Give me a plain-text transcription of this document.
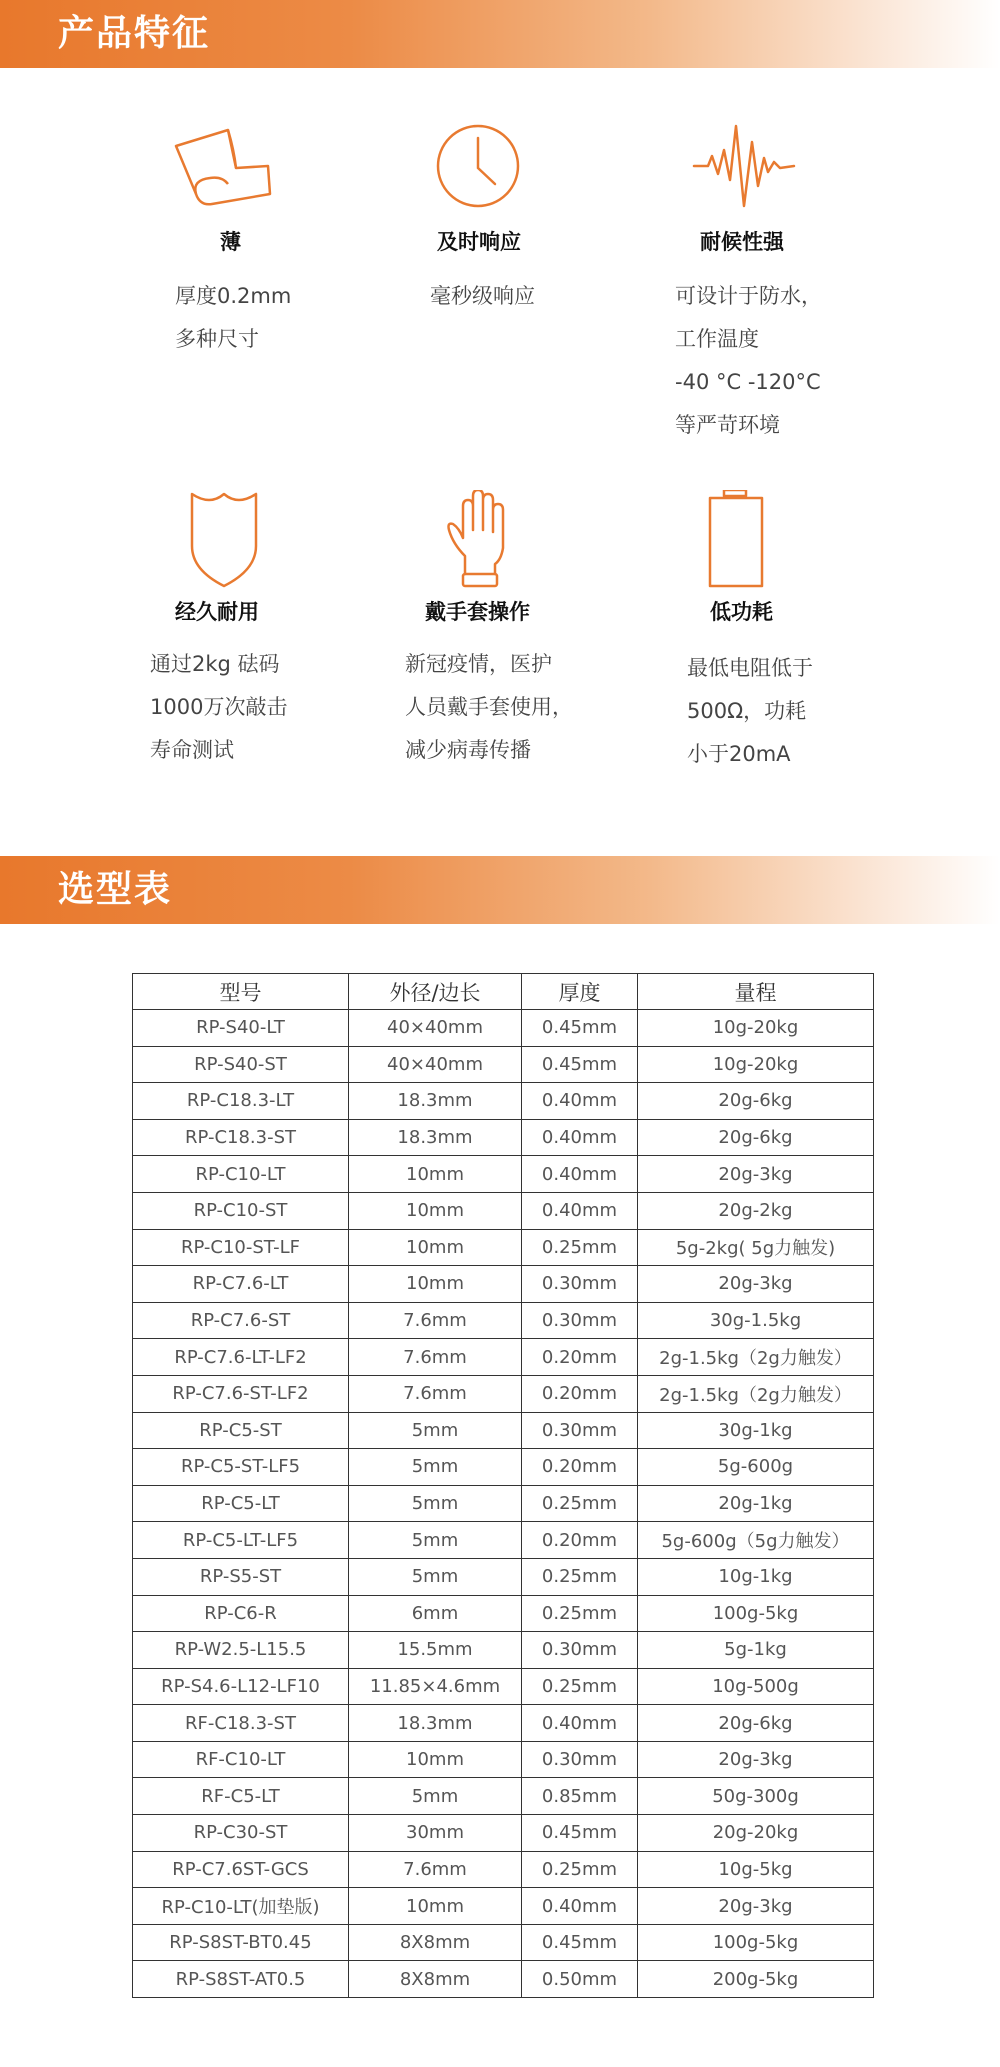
产品特征
薄
厚度0.2mm
多种尺寸
及时响应
毫秒级响应
耐候性强
可设计于防水，
工作温度
-40 °C -120°C
等严苛环境
经久耐用
通过2kg 砝码
1000万次敲击
寿命测试
戴手套操作
新冠疫情，医护
人员戴手套使用，
减少病毒传播
低功耗
最低电阻低于
500Ω，功耗
小于20mA
选型表
型号	外径/边长	厚度	量程
RP-S40-LT	40×40mm	0.45mm	10g-20kg
RP-S40-ST	40×40mm	0.45mm	10g-20kg
RP-C18.3-LT	18.3mm	0.40mm	20g-6kg
RP-C18.3-ST	18.3mm	0.40mm	20g-6kg
RP-C10-LT	10mm	0.40mm	20g-3kg
RP-C10-ST	10mm	0.40mm	20g-2kg
RP-C10-ST-LF	10mm	0.25mm	5g-2kg( 5g力触发)
RP-C7.6-LT	10mm	0.30mm	20g-3kg
RP-C7.6-ST	7.6mm	0.30mm	30g-1.5kg
RP-C7.6-LT-LF2	7.6mm	0.20mm	2g-1.5kg（2g力触发）
RP-C7.6-ST-LF2	7.6mm	0.20mm	2g-1.5kg（2g力触发）
RP-C5-ST	5mm	0.30mm	30g-1kg
RP-C5-ST-LF5	5mm	0.20mm	5g-600g
RP-C5-LT	5mm	0.25mm	20g-1kg
RP-C5-LT-LF5	5mm	0.20mm	5g-600g（5g力触发）
RP-S5-ST	5mm	0.25mm	10g-1kg
RP-C6-R	6mm	0.25mm	100g-5kg
RP-W2.5-L15.5	15.5mm	0.30mm	5g-1kg
RP-S4.6-L12-LF10	11.85×4.6mm	0.25mm	10g-500g
RF-C18.3-ST	18.3mm	0.40mm	20g-6kg
RF-C10-LT	10mm	0.30mm	20g-3kg
RF-C5-LT	5mm	0.85mm	50g-300g
RP-C30-ST	30mm	0.45mm	20g-20kg
RP-C7.6ST-GCS	7.6mm	0.25mm	10g-5kg
RP-C10-LT(加垫版)	10mm	0.40mm	20g-3kg
RP-S8ST-BT0.45	8X8mm	0.45mm	100g-5kg
RP-S8ST-AT0.5	8X8mm	0.50mm	200g-5kg
